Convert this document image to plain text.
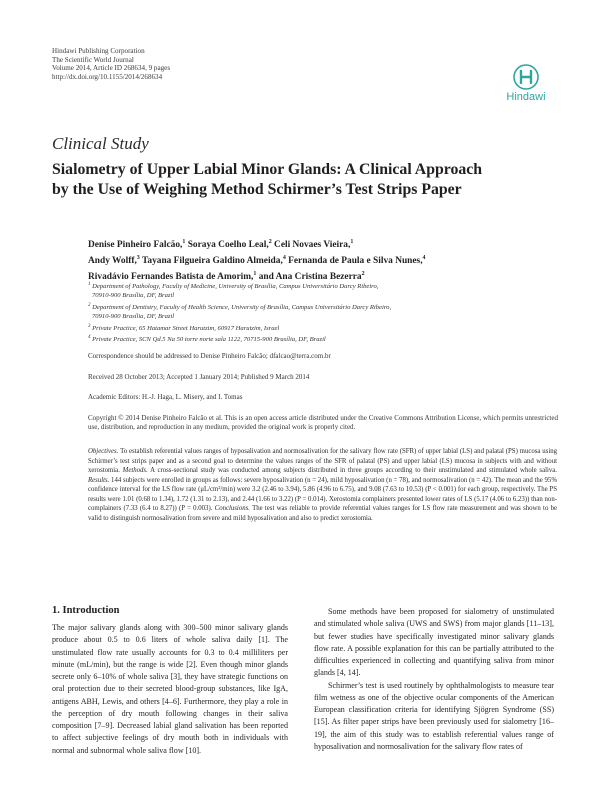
Hindawi Publishing Corporation
The Scientific World Journal
Volume 2014, Article ID 268634, 9 pages
http://dx.doi.org/10.1155/2014/268634
Hindawi
Clinical Study
Sialometry of Upper Labial Minor Glands: A Clinical Approach
by the Use of Weighing Method Schirmer’s Test Strips Paper
Denise Pinheiro Falcão,$^1$ Soraya Coelho Leal,$^2$ Celi Novaes Vieira,$^1$
Andy Wolff,$^3$ Tayana Filgueira Galdino Almeida,$^4$ Fernanda de Paula e Silva Nunes,$^4$
Rivadávio Fernandes Batista de Amorim,$^1$ and Ana Cristina Bezerra$^2$
$^1$ Department of Pathology, Faculty of Medicine, University of Brasília, Campus Universitário Darcy Ribeiro,
70910-900 Brasília, DF, Brazil
$^2$ Department of Dentistry, Faculty of Health Science, University of Brasília, Campus Universitário Darcy Ribeiro,
70910-900 Brasília, DF, Brazil
$^3$ Private Practice, 65 Hatamar Street Harutzim, 60917 Harutzim, Israel
$^4$ Private Practice, SCN Qd.5 Na 50 torre norte sala 1122, 70715-900 Brasília, DF, Brazil
Correspondence should be addressed to Denise Pinheiro Falcão; dfalcao@terra.com.br
Received 28 October 2013; Accepted 1 January 2014; Published 9 March 2014
Academic Editors: H.-J. Haga, L. Misery, and I. Tomas
Copyright © 2014 Denise Pinheiro Falcão et al. This is an open access article distributed under the Creative Commons Attribution License, which permits unrestricted use, distribution, and reproduction in any medium, provided the original work is properly cited.
Objectives. To establish referential values ranges of hyposalivation and normosalivation for the salivary flow rate (SFR) of upper labial (LS) and palatal (PS) mucosa using Schirmer’s test strips paper and as a second goal to determine the values ranges of the SFR of palatal (PS) and upper labial (LS) mucosa in subjects with and without xerostomia. Methods. A cross-sectional study was conducted among subjects distributed in three groups according to their unstimulated and stimulated whole saliva. Results. 144 subjects were enrolled in groups as follows: severe hyposalivation (n = 24), mild hyposalivation (n = 78), and normosalivation (n = 42). The mean and the 95% confidence interval for the LS flow rate (μL/cm²/min) were 3.2 (2.46 to 3.94), 5.86 (4.96 to 6.75), and 9.08 (7.63 to 10.53) (P < 0.001) for each group, respectively. The PS results were 1.01 (0.68 to 1.34), 1.72 (1.31 to 2.13), and 2.44 (1.66 to 3.22) (P = 0.014). Xerostomia complainers presented lower rates of LS (5.17 (4.06 to 6.23)) than non-complainers (7.33 (6.4 to 8.27)) (P = 0.003). Conclusions. The test was reliable to provide referential values ranges for LS flow rate measurement and was shown to be valid to distinguish normosalivation from severe and mild hyposalivation and also to predict xerostomia.
1. Introduction

The major salivary glands along with 300–500 minor salivary glands produce about 0.5 to 0.6 liters of whole saliva daily [1]. The unstimulated flow rate usually accounts for 0.3 to 0.4 milliliters per minute (mL/min), but the range is wide [2]. Even though minor glands secrete only 6–10% of whole saliva [3], they have strategic functions on oral protection due to their secreted blood-group substances, like IgA, antigens ABH, Lewis, and others [4–6]. Furthermore, they play a role in the perception of dry mouth following changes in their saliva composition [7–9]. Decreased labial gland salivation has been reported to affect subjective feelings of dry mouth both in individuals with normal and subnormal whole saliva flow [10].

Some methods have been proposed for sialometry of unstimulated and stimulated whole saliva (UWS and SWS) from major glands [11–13], but fewer studies have specifically investigated minor salivary glands flow rate. A possible explanation for this can be partially attributed to the difficulties experienced in collecting and quantifying saliva from minor glands [4, 14].

Schirmer’s test is used routinely by ophthalmologists to measure tear film wetness as one of the objective ocular components of the American European classification criteria for identifying Sjögren Syndrome (SS) [15]. As filter paper strips have been previously used for sialometry [16–19], the aim of this study was to establish referential values range of hyposalivation and normosalivation for the salivary flow rates of
